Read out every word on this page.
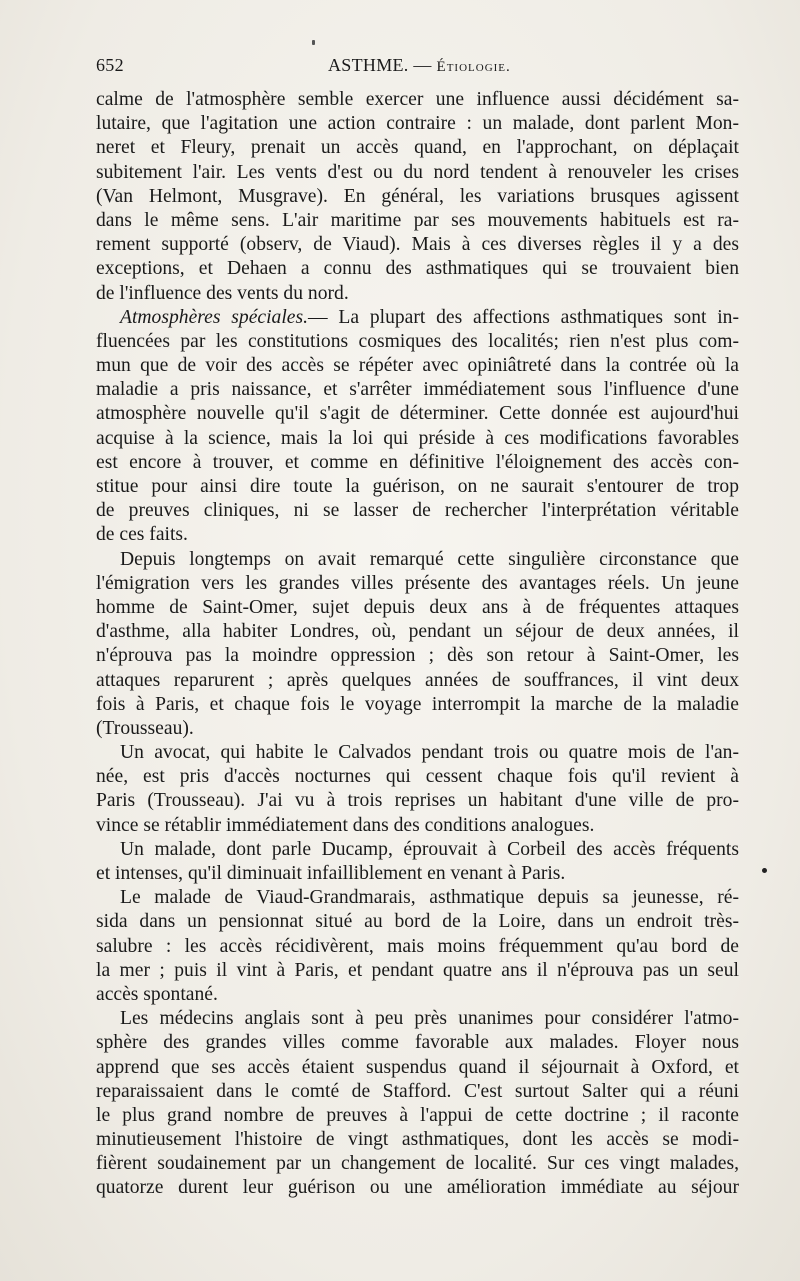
652	ASTHME. — Étiologie.
calme de l'atmosphère semble exercer une influence aussi décidément sa-
lutaire, que l'agitation une action contraire : un malade, dont parlent Mon-
neret et Fleury, prenait un accès quand, en l'approchant, on déplaçait
subitement l'air. Les vents d'est ou du nord tendent à renouveler les crises
(Van Helmont, Musgrave). En général, les variations brusques agissent
dans le même sens. L'air maritime par ses mouvements habituels est ra-
rement supporté (observ, de Viaud). Mais à ces diverses règles il y a des
exceptions, et Dehaen a connu des asthmatiques qui se trouvaient bien
de l'influence des vents du nord.
Atmosphères spéciales.— La plupart des affections asthmatiques sont in-
fluencées par les constitutions cosmiques des localités; rien n'est plus com-
mun que de voir des accès se répéter avec opiniâtreté dans la contrée où la
maladie a pris naissance, et s'arrêter immédiatement sous l'influence d'une
atmosphère nouvelle qu'il s'agit de déterminer. Cette donnée est aujourd'hui
acquise à la science, mais la loi qui préside à ces modifications favorables
est encore à trouver, et comme en définitive l'éloignement des accès con-
stitue pour ainsi dire toute la guérison, on ne saurait s'entourer de trop
de preuves cliniques, ni se lasser de rechercher l'interprétation véritable
de ces faits.
Depuis longtemps on avait remarqué cette singulière circonstance que
l'émigration vers les grandes villes présente des avantages réels. Un jeune
homme de Saint-Omer, sujet depuis deux ans à de fréquentes attaques
d'asthme, alla habiter Londres, où, pendant un séjour de deux années, il
n'éprouva pas la moindre oppression ; dès son retour à Saint-Omer, les
attaques reparurent ; après quelques années de souffrances, il vint deux
fois à Paris, et chaque fois le voyage interrompit la marche de la maladie
(Trousseau).
Un avocat, qui habite le Calvados pendant trois ou quatre mois de l'an-
née, est pris d'accès nocturnes qui cessent chaque fois qu'il revient à
Paris (Trousseau). J'ai vu à trois reprises un habitant d'une ville de pro-
vince se rétablir immédiatement dans des conditions analogues.
Un malade, dont parle Ducamp, éprouvait à Corbeil des accès fréquents
et intenses, qu'il diminuait infailliblement en venant à Paris.
Le malade de Viaud-Grandmarais, asthmatique depuis sa jeunesse, ré-
sida dans un pensionnat situé au bord de la Loire, dans un endroit très-
salubre : les accès récidivèrent, mais moins fréquemment qu'au bord de
la mer ; puis il vint à Paris, et pendant quatre ans il n'éprouva pas un seul
accès spontané.
Les médecins anglais sont à peu près unanimes pour considérer l'atmo-
sphère des grandes villes comme favorable aux malades. Floyer nous
apprend que ses accès étaient suspendus quand il séjournait à Oxford, et
reparaissaient dans le comté de Stafford. C'est surtout Salter qui a réuni
le plus grand nombre de preuves à l'appui de cette doctrine ; il raconte
minutieusement l'histoire de vingt asthmatiques, dont les accès se modi-
fièrent soudainement par un changement de localité. Sur ces vingt malades,
quatorze durent leur guérison ou une amélioration immédiate au séjour
